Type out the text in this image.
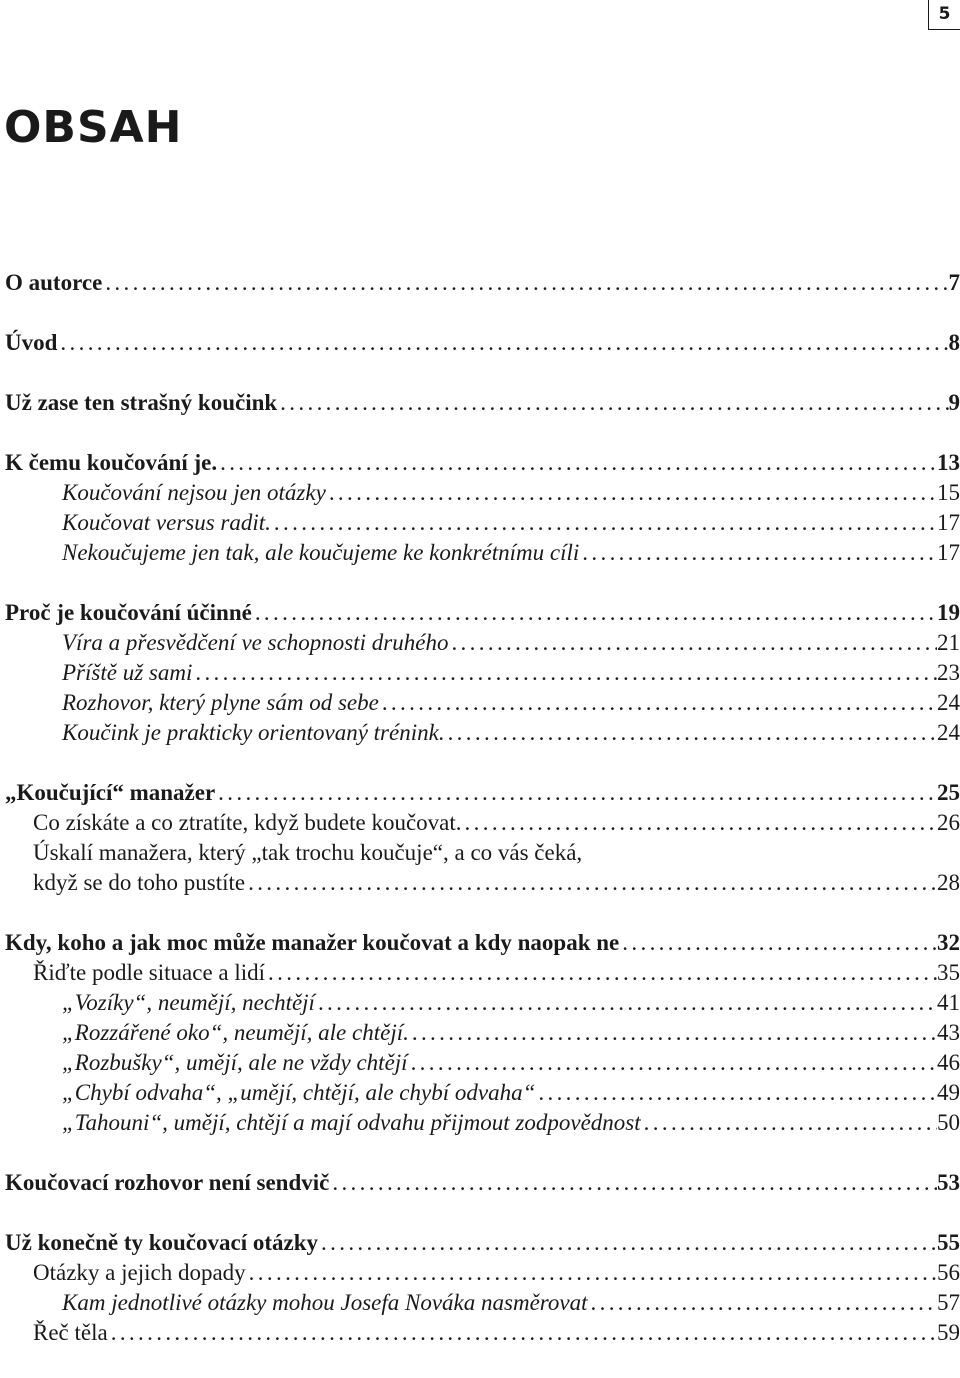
5
OBSAH
O autorce . . .	7
Úvod . . .	8
Už zase ten strašný koučink . . .	9
K čemu koučování je. . . .	13
Koučování nejsou jen otázky . . .	15
Koučovat versus radit. . . .	17
Nekoučujeme jen tak, ale koučujeme ke konkrétnímu cíli . . .	17
Proč je koučování účinné . . .	19
Víra a přesvědčení ve schopnosti druhého . . .	21
Příště už sami . . .	23
Rozhovor, který plyne sám od sebe . . .	24
Koučink je prakticky orientovaný trénink. . . .	24
„Koučující“ manažer . . .	25
Co získáte a co ztratíte, když budete koučovat. . . .	26
Úskalí manažera, který „tak trochu koučuje“, a co vás čeká,
když se do toho pustíte . . .	28
Kdy, koho a jak moc může manažer koučovat a kdy naopak ne . . .	32
Řiďte podle situace a lidí . . .	35
„Vozíky“, neumějí, nechtějí . . .	41
„Rozzářené oko“, neumějí, ale chtějí. . . .	43
„Rozbušky“, umějí, ale ne vždy chtějí . . .	46
„Chybí odvaha“, „umějí, chtějí, ale chybí odvaha“ . . .	49
„Tahouni“, umějí, chtějí a mají odvahu přijmout zodpovědnost . . .	50
Koučovací rozhovor není sendvič . . .	53
Už konečně ty koučovací otázky . . .	55
Otázky a jejich dopady . . .	56
Kam jednotlivé otázky mohou Josefa Nováka nasměrovat . . .	57
Řeč těla . . .	59
